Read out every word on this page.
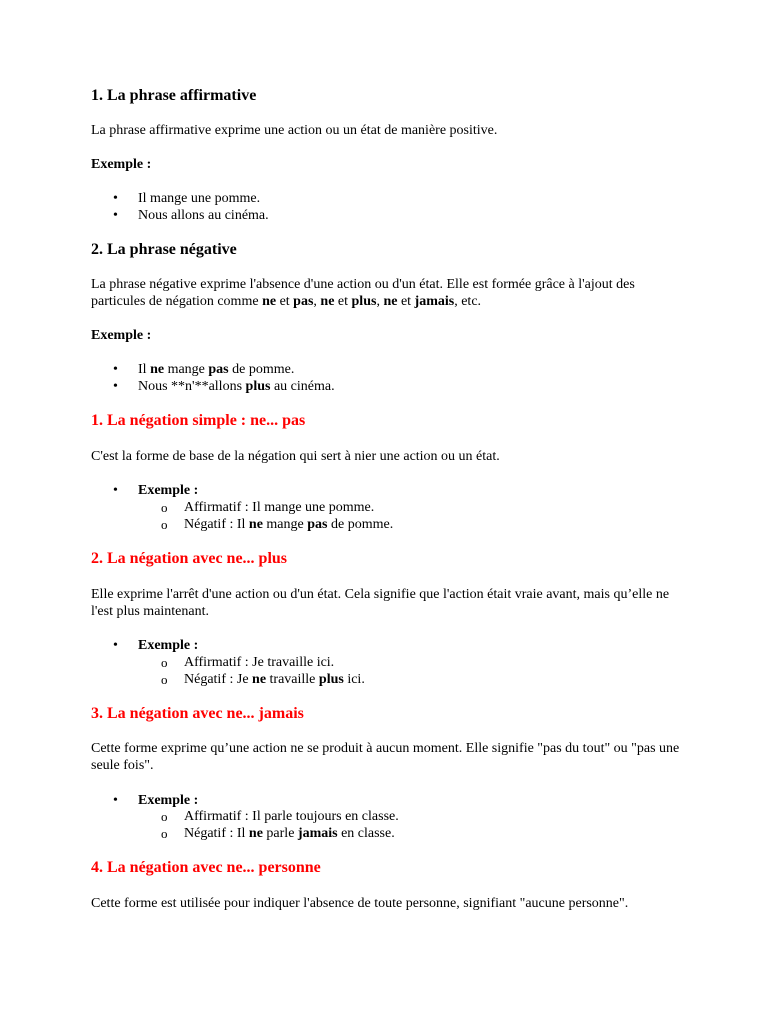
1. La phrase affirmative

La phrase affirmative exprime une action ou un état de manière positive.

Exemple :

• Il mange une pomme.
• Nous allons au cinéma.
2. La phrase négative

La phrase négative exprime l'absence d'une action ou d'un état. Elle est formée grâce à l'ajout des particules de négation comme ne et pas, ne et plus, ne et jamais, etc.

Exemple :

• Il ne mange pas de pomme.
• Nous **n'**allons plus au cinéma.
1. La négation simple : ne... pas

C'est la forme de base de la négation qui sert à nier une action ou un état.

• Exemple :
o Affirmatif : Il mange une pomme.
o Négatif : Il ne mange pas de pomme.
2. La négation avec ne... plus

Elle exprime l'arrêt d'une action ou d'un état. Cela signifie que l'action était vraie avant, mais qu’elle ne l'est plus maintenant.

• Exemple :
o Affirmatif : Je travaille ici.
o Négatif : Je ne travaille plus ici.
3. La négation avec ne... jamais

Cette forme exprime qu’une action ne se produit à aucun moment. Elle signifie "pas du tout" ou "pas une seule fois".

• Exemple :
o Affirmatif : Il parle toujours en classe.
o Négatif : Il ne parle jamais en classe.
4. La négation avec ne... personne

Cette forme est utilisée pour indiquer l'absence de toute personne, signifiant "aucune personne".
